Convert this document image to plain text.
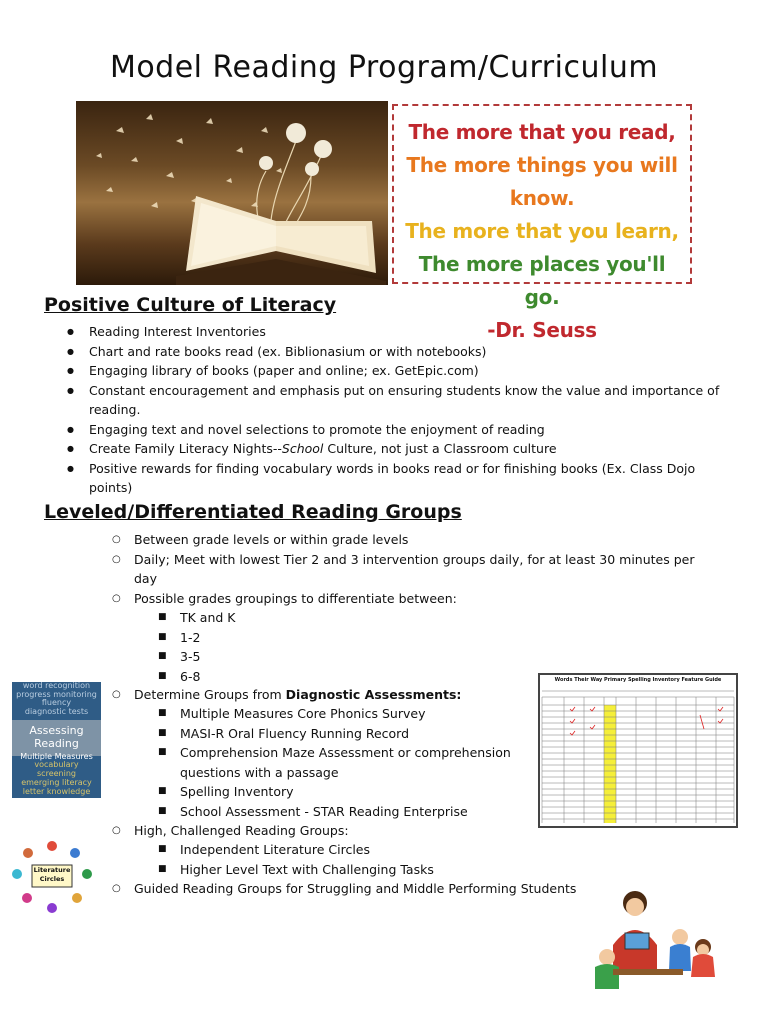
Model Reading Program/Curriculum
The more that you read,
The more things you will know.
The more that you learn,
The more places you'll go.
-Dr. Seuss
Positive Culture of Literacy
● Reading Interest Inventories
● Chart and rate books read (ex. Biblionasium or with notebooks)
● Engaging library of books (paper and online; ex. GetEpic.com)
● Constant encouragement and emphasis put on ensuring students know the value and importance of reading.
● Engaging text and novel selections to promote the enjoyment of reading
● Create Family Literacy Nights--School Culture, not just a Classroom culture
● Positive rewards for finding vocabulary words in books read or for finishing books (Ex. Class Dojo points)
Leveled/Differentiated Reading Groups
○ Between grade levels or within grade levels
○ Daily; Meet with lowest Tier 2 and 3 intervention groups daily, for at least 30 minutes per day
○ Possible grades groupings to differentiate between:
■ TK and K
■ 1-2
■ 3-5
■ 6-8
○ Determine Groups from Diagnostic Assessments:
■ Multiple Measures Core Phonics Survey
■ MASI-R Oral Fluency Running Record
■ Comprehension Maze Assessment or comprehension questions with a passage
■ Spelling Inventory
■ School Assessment - STAR Reading Enterprise
○ High, Challenged Reading Groups:
■ Independent Literature Circles
■ Higher Level Text with Challenging Tasks
○ Guided Reading Groups for Struggling and Middle Performing Students
word recognition
progress monitoring
fluency
diagnostic tests
Assessing Reading
Multiple Measures
vocabulary
screening
emerging literacy
letter knowledge
Literature
Circles
Words Their Way Primary Spelling Inventory Feature Guide
